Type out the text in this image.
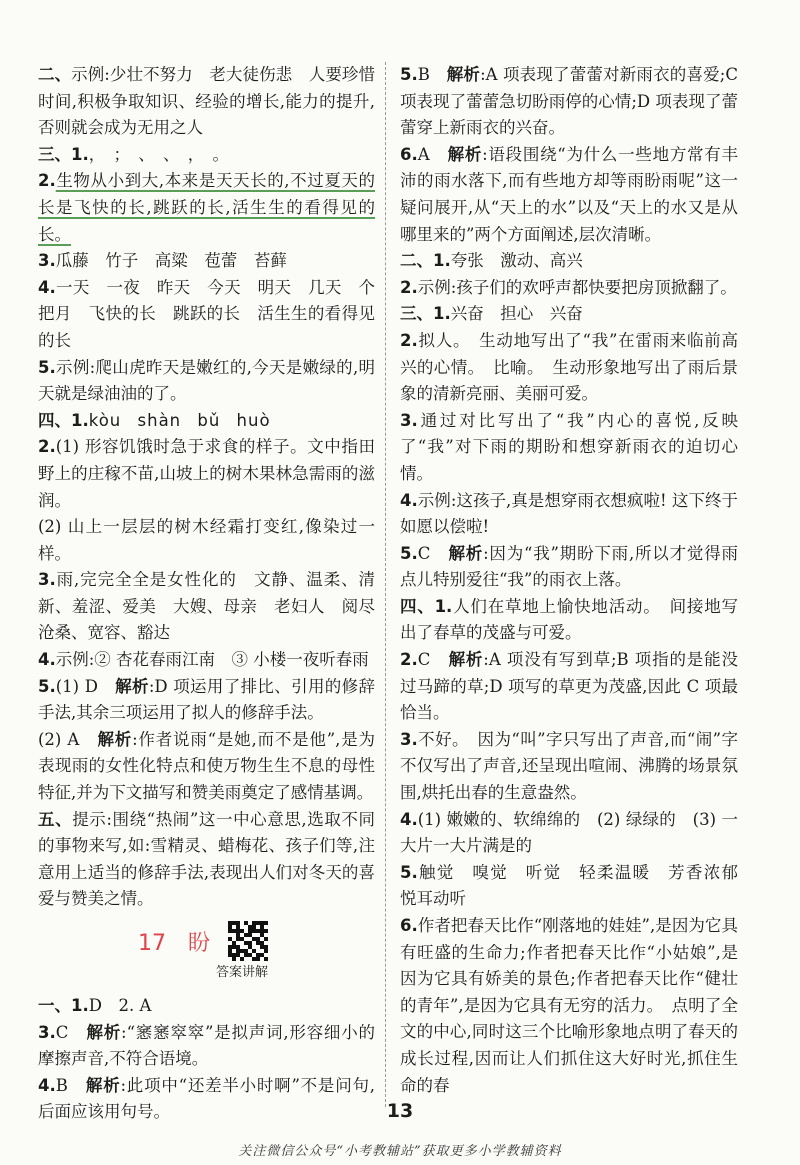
二、示例:少壮不努力　老大徒伤悲　人要珍惜时间,积极争取知识、经验的增长,能力的提升,否则就会成为无用之人

三、1.，　；　、　、　，　。

2.生物从小到大,本来是天天长的,不过夏天的长是飞快的长,跳跃的长,活生生的看得见的长。

3.瓜藤　竹子　高粱　苞蕾　苔藓

4.一天　一夜　昨天　今天　明天　几天　个把月　飞快的长　跳跃的长　活生生的看得见的长

5.示例:爬山虎昨天是嫩红的,今天是嫩绿的,明天就是绿油油的了。

四、1.kòu shàn bǔ huò

2.(1) 形容饥饿时急于求食的样子。文中指田野上的庄稼不苗,山坡上的树木果林急需雨的滋润。

(2) 山上一层层的树木经霜打变红,像染过一样。

3.雨,完完全全是女性化的　文静、温柔、清新、羞涩、爱美　大嫂、母亲　老妇人　阅尽沧桑、宽容、豁达

4.示例:② 杏花春雨江南　③ 小楼一夜听春雨

5.(1) D　解析:D 项运用了排比、引用的修辞手法,其余三项运用了拟人的修辞手法。

(2) A　解析:作者说雨“是她,而不是他”,是为表现雨的女性化特点和使万物生生不息的母性特征,并为下文描写和赞美雨奠定了感情基调。

五、提示:围绕“热闹”这一中心意思,选取不同的事物来写,如:雪精灵、蜡梅花、孩子们等,注意用上适当的修辞手法,表现出人们对冬天的喜爱与赞美之情。

17　盼
答案讲解

一、1.D　2. A

3.C　解析:“窸窸窣窣”是拟声词,形容细小的摩擦声音,不符合语境。

4.B　解析:此项中“还差半小时啊”不是问句,后面应该用句号。

5.B　解析:A 项表现了蕾蕾对新雨衣的喜爱;C 项表现了蕾蕾急切盼雨停的心情;D 项表现了蕾蕾穿上新雨衣的兴奋。

6.A　解析:语段围绕“为什么一些地方常有丰沛的雨水落下,而有些地方却等雨盼雨呢”这一疑问展开,从“天上的水”以及“天上的水又是从哪里来的”两个方面阐述,层次清晰。

二、1.夸张　激动、高兴

2.示例:孩子们的欢呼声都快要把房顶掀翻了。

三、1.兴奋　担心　兴奋

2.拟人。　生动地写出了“我”在雷雨来临前高兴的心情。　比喻。　生动形象地写出了雨后景象的清新亮丽、美丽可爱。

3.通过对比写出了“我”内心的喜悦,反映了“我”对下雨的期盼和想穿新雨衣的迫切心情。

4.示例:这孩子,真是想穿雨衣想疯啦! 这下终于如愿以偿啦!

5.C　解析:因为“我”期盼下雨,所以才觉得雨点儿特别爱往“我”的雨衣上落。

四、1.人们在草地上愉快地活动。　间接地写出了春草的茂盛与可爱。

2.C　解析:A 项没有写到草;B 项指的是能没过马蹄的草;D 项写的草更为茂盛,因此 C 项最恰当。

3.不好。　因为“叫”字只写出了声音,而“闹”字不仅写出了声音,还呈现出喧闹、沸腾的场景氛围,烘托出春的生意盎然。

4.(1) 嫩嫩的、软绵绵的　(2) 绿绿的　(3) 一大片一大片满是的

5.触觉　嗅觉　听觉　轻柔温暖　芳香浓郁　悦耳动听

6.作者把春天比作“刚落地的娃娃”,是因为它具有旺盛的生命力;作者把春天比作“小姑娘”,是因为它具有娇美的景色;作者把春天比作“健壮的青年”,是因为它具有无穷的活力。　点明了全文的中心,同时这三个比喻形象地点明了春天的成长过程,因而让人们抓住这大好时光,抓住生命的春

13
关注微信公众号“小考教辅站”获取更多小学教辅资料
